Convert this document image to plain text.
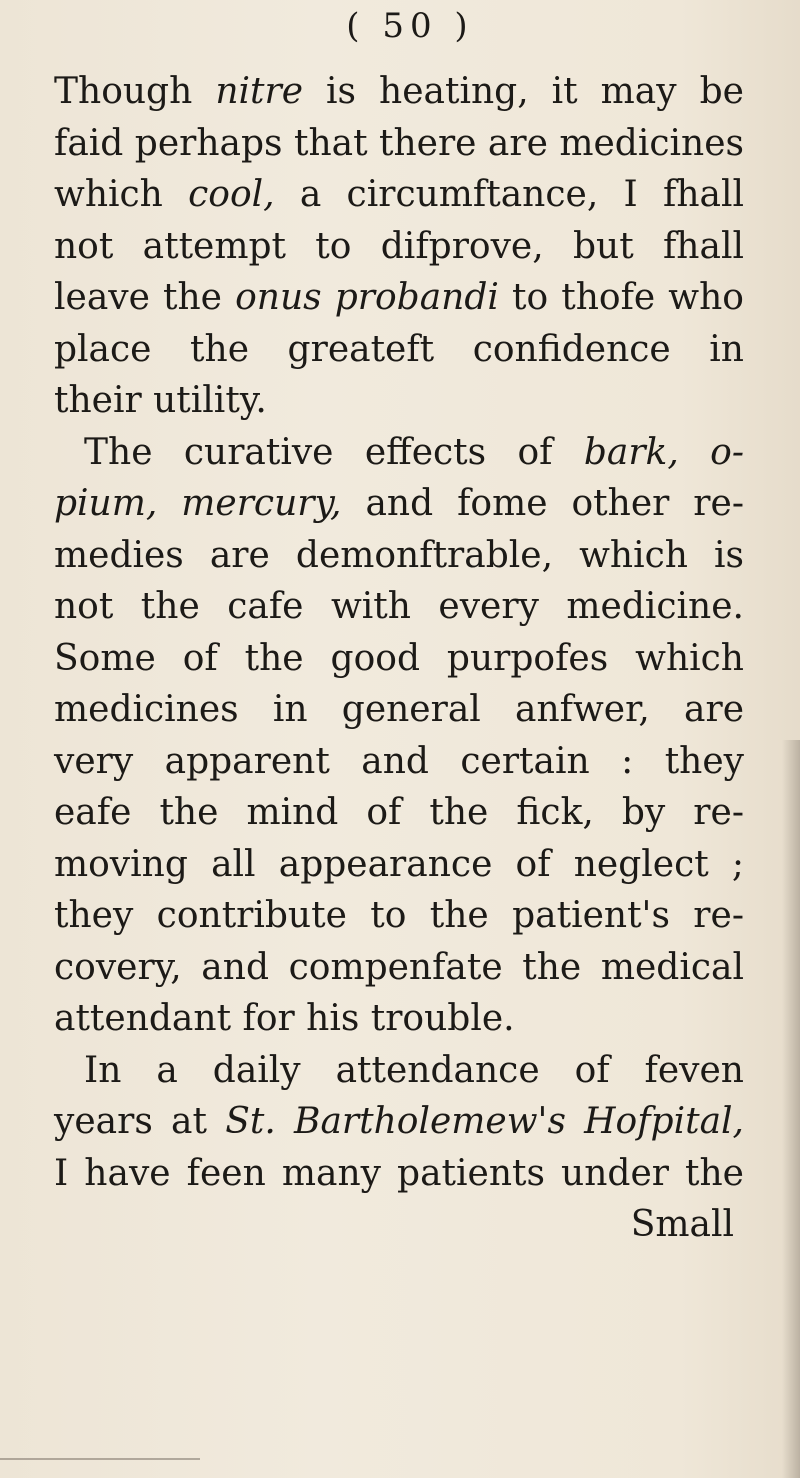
( 50 )
Though nitre is heating, it may be
faid perhaps that there are medicines
which cool, a circumftance, I fhall
not attempt to difprove, but fhall
leave the onus probandi to thofe who
place the greateft confidence in
their utility.
The curative effects of bark, o-
pium, mercury, and fome other re-
medies are demonftrable, which is
not the cafe with every medicine.
Some of the good purpofes which
medicines in general anfwer, are
very apparent and certain : they
eafe the mind of the fick, by re-
moving all appearance of neglect ;
they contribute to the patient's re-
covery, and compenfate the medical
attendant for his trouble.
In a daily attendance of feven
years at St. Bartholemew's Hofpital,
I have feen many patients under the
Small
